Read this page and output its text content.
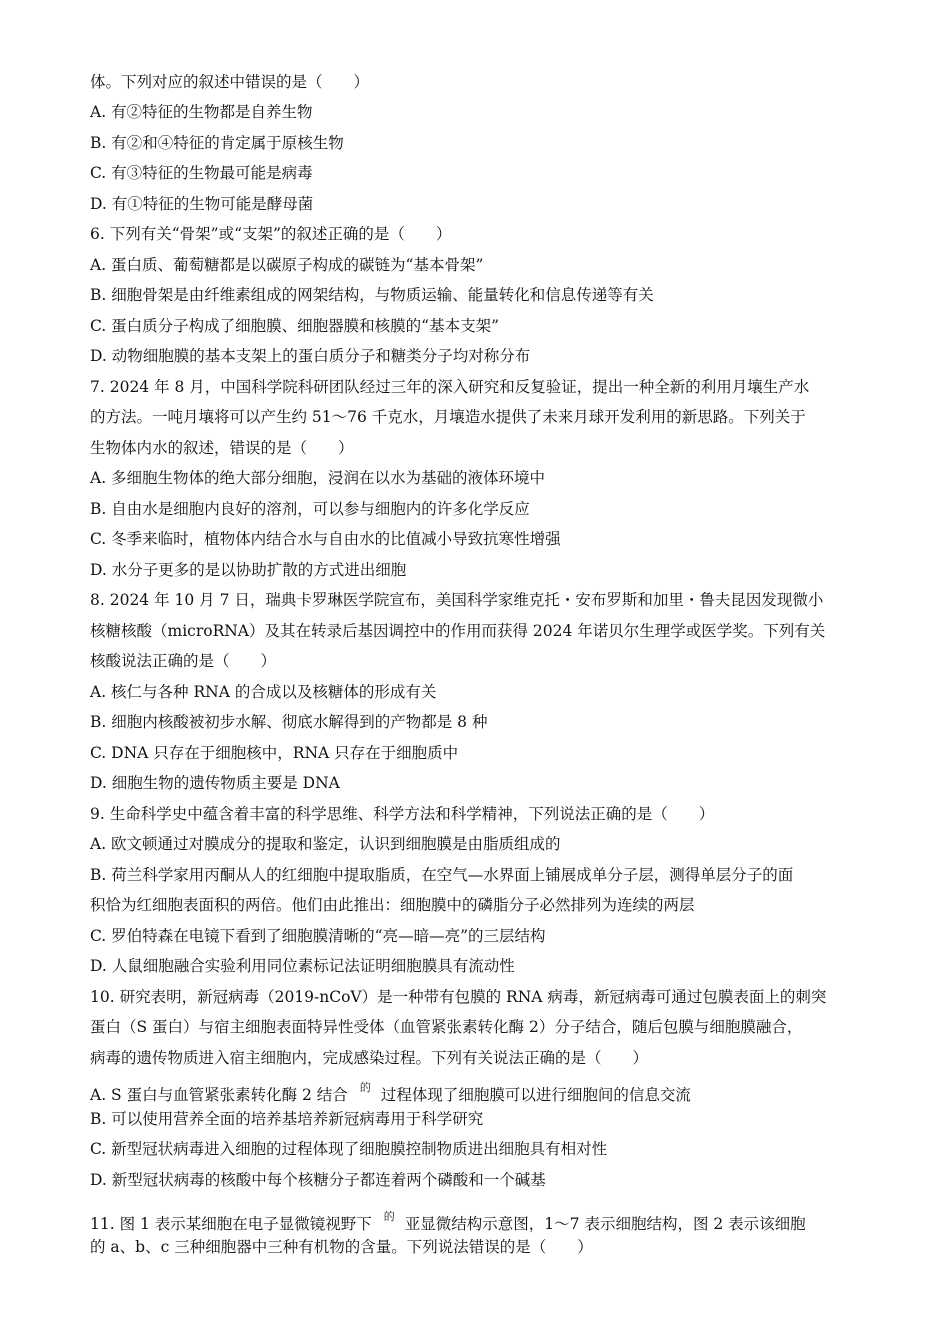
体。下列对应的叙述中错误的是（　　）
A. 有②特征的生物都是自养生物
B. 有②和④特征的肯定属于原核生物
C. 有③特征的生物最可能是病毒
D. 有①特征的生物可能是酵母菌
6. 下列有关“骨架”或“支架”的叙述正确的是（　　）
A. 蛋白质、葡萄糖都是以碳原子构成的碳链为“基本骨架”
B. 细胞骨架是由纤维素组成的网架结构，与物质运输、能量转化和信息传递等有关
C. 蛋白质分子构成了细胞膜、细胞器膜和核膜的“基本支架”
D. 动物细胞膜的基本支架上的蛋白质分子和糖类分子均对称分布
7. 2024 年 8 月，中国科学院科研团队经过三年的深入研究和反复验证，提出一种全新的利用月壤生产水
的方法。一吨月壤将可以产生约 51～76 千克水，月壤造水提供了未来月球开发利用的新思路。下列关于
生物体内水的叙述，错误的是（　　）
A. 多细胞生物体的绝大部分细胞，浸润在以水为基础的液体环境中
B. 自由水是细胞内良好的溶剂，可以参与细胞内的许多化学反应
C. 冬季来临时，植物体内结合水与自由水的比值减小导致抗寒性增强
D. 水分子更多的是以协助扩散的方式进出细胞
8. 2024 年 10 月 7 日，瑞典卡罗琳医学院宣布，美国科学家维克托・安布罗斯和加里・鲁夫昆因发现微小
核糖核酸（microRNA）及其在转录后基因调控中的作用而获得 2024 年诺贝尔生理学或医学奖。下列有关
核酸说法正确的是（　　）
A. 核仁与各种 RNA 的合成以及核糖体的形成有关
B. 细胞内核酸被初步水解、彻底水解得到的产物都是 8 种
C. DNA 只存在于细胞核中，RNA 只存在于细胞质中
D. 细胞生物的遗传物质主要是 DNA
9. 生命科学史中蕴含着丰富的科学思维、科学方法和科学精神，下列说法正确的是（　　）
A. 欧文顿通过对膜成分的提取和鉴定，认识到细胞膜是由脂质组成的
B. 荷兰科学家用丙酮从人的红细胞中提取脂质，在空气—水界面上铺展成单分子层，测得单层分子的面
积恰为红细胞表面积的两倍。他们由此推出：细胞膜中的磷脂分子必然排列为连续的两层
C. 罗伯特森在电镜下看到了细胞膜清晰的“亮—暗—亮”的三层结构
D. 人鼠细胞融合实验利用同位素标记法证明细胞膜具有流动性
10. 研究表明，新冠病毒（2019-nCoV）是一种带有包膜的 RNA 病毒，新冠病毒可通过包膜表面上的刺突
蛋白（S 蛋白）与宿主细胞表面特异性受体（血管紧张素转化酶 2）分子结合，随后包膜与细胞膜融合，
病毒的遗传物质进入宿主细胞内，完成感染过程。下列有关说法正确的是（　　）
A. S 蛋白与血管紧张素转化酶 2 结合 的 过程体现了细胞膜可以进行细胞间的信息交流
B. 可以使用营养全面的培养基培养新冠病毒用于科学研究
C. 新型冠状病毒进入细胞的过程体现了细胞膜控制物质进出细胞具有相对性
D. 新型冠状病毒的核酸中每个核糖分子都连着两个磷酸和一个碱基
11. 图 1 表示某细胞在电子显微镜视野下 的 亚显微结构示意图，1～7 表示细胞结构，图 2 表示该细胞
的 a、b、c 三种细胞器中三种有机物的含量。下列说法错误的是（　　）
